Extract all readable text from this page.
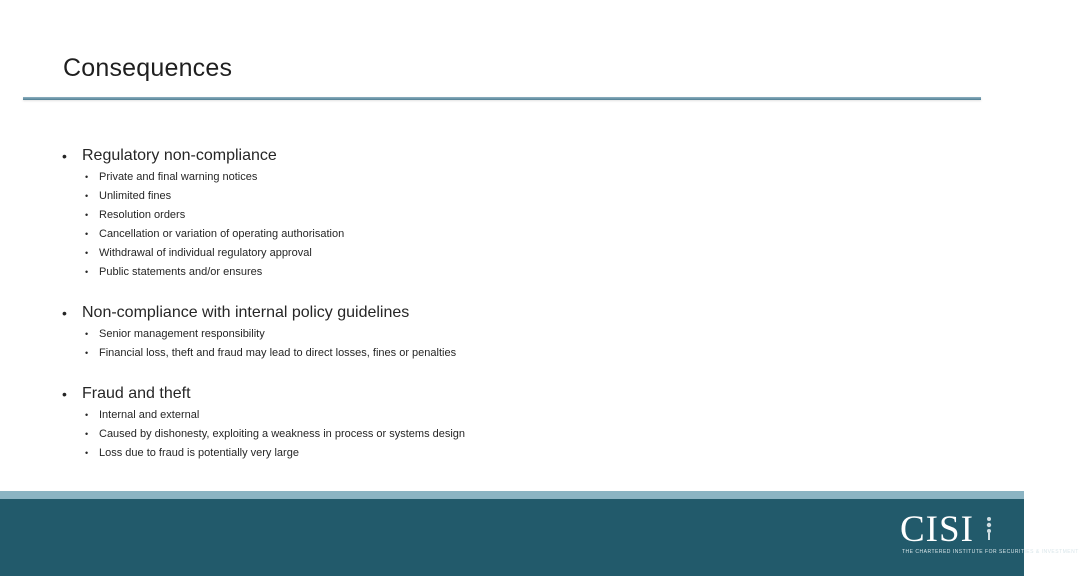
Consequences
• Regulatory non-compliance
• Private and final warning notices
• Unlimited fines
• Resolution orders
• Cancellation or variation of operating authorisation
• Withdrawal of individual regulatory approval
• Public statements and/or ensures
• Non-compliance with internal policy guidelines
• Senior management responsibility
• Financial loss, theft and fraud may lead to direct losses, fines or penalties
• Fraud and theft
• Internal and external
• Caused by dishonesty, exploiting a weakness in process or systems design
• Loss due to fraud is potentially very large
CISI
THE CHARTERED INSTITUTE FOR SECURITIES & INVESTMENT
